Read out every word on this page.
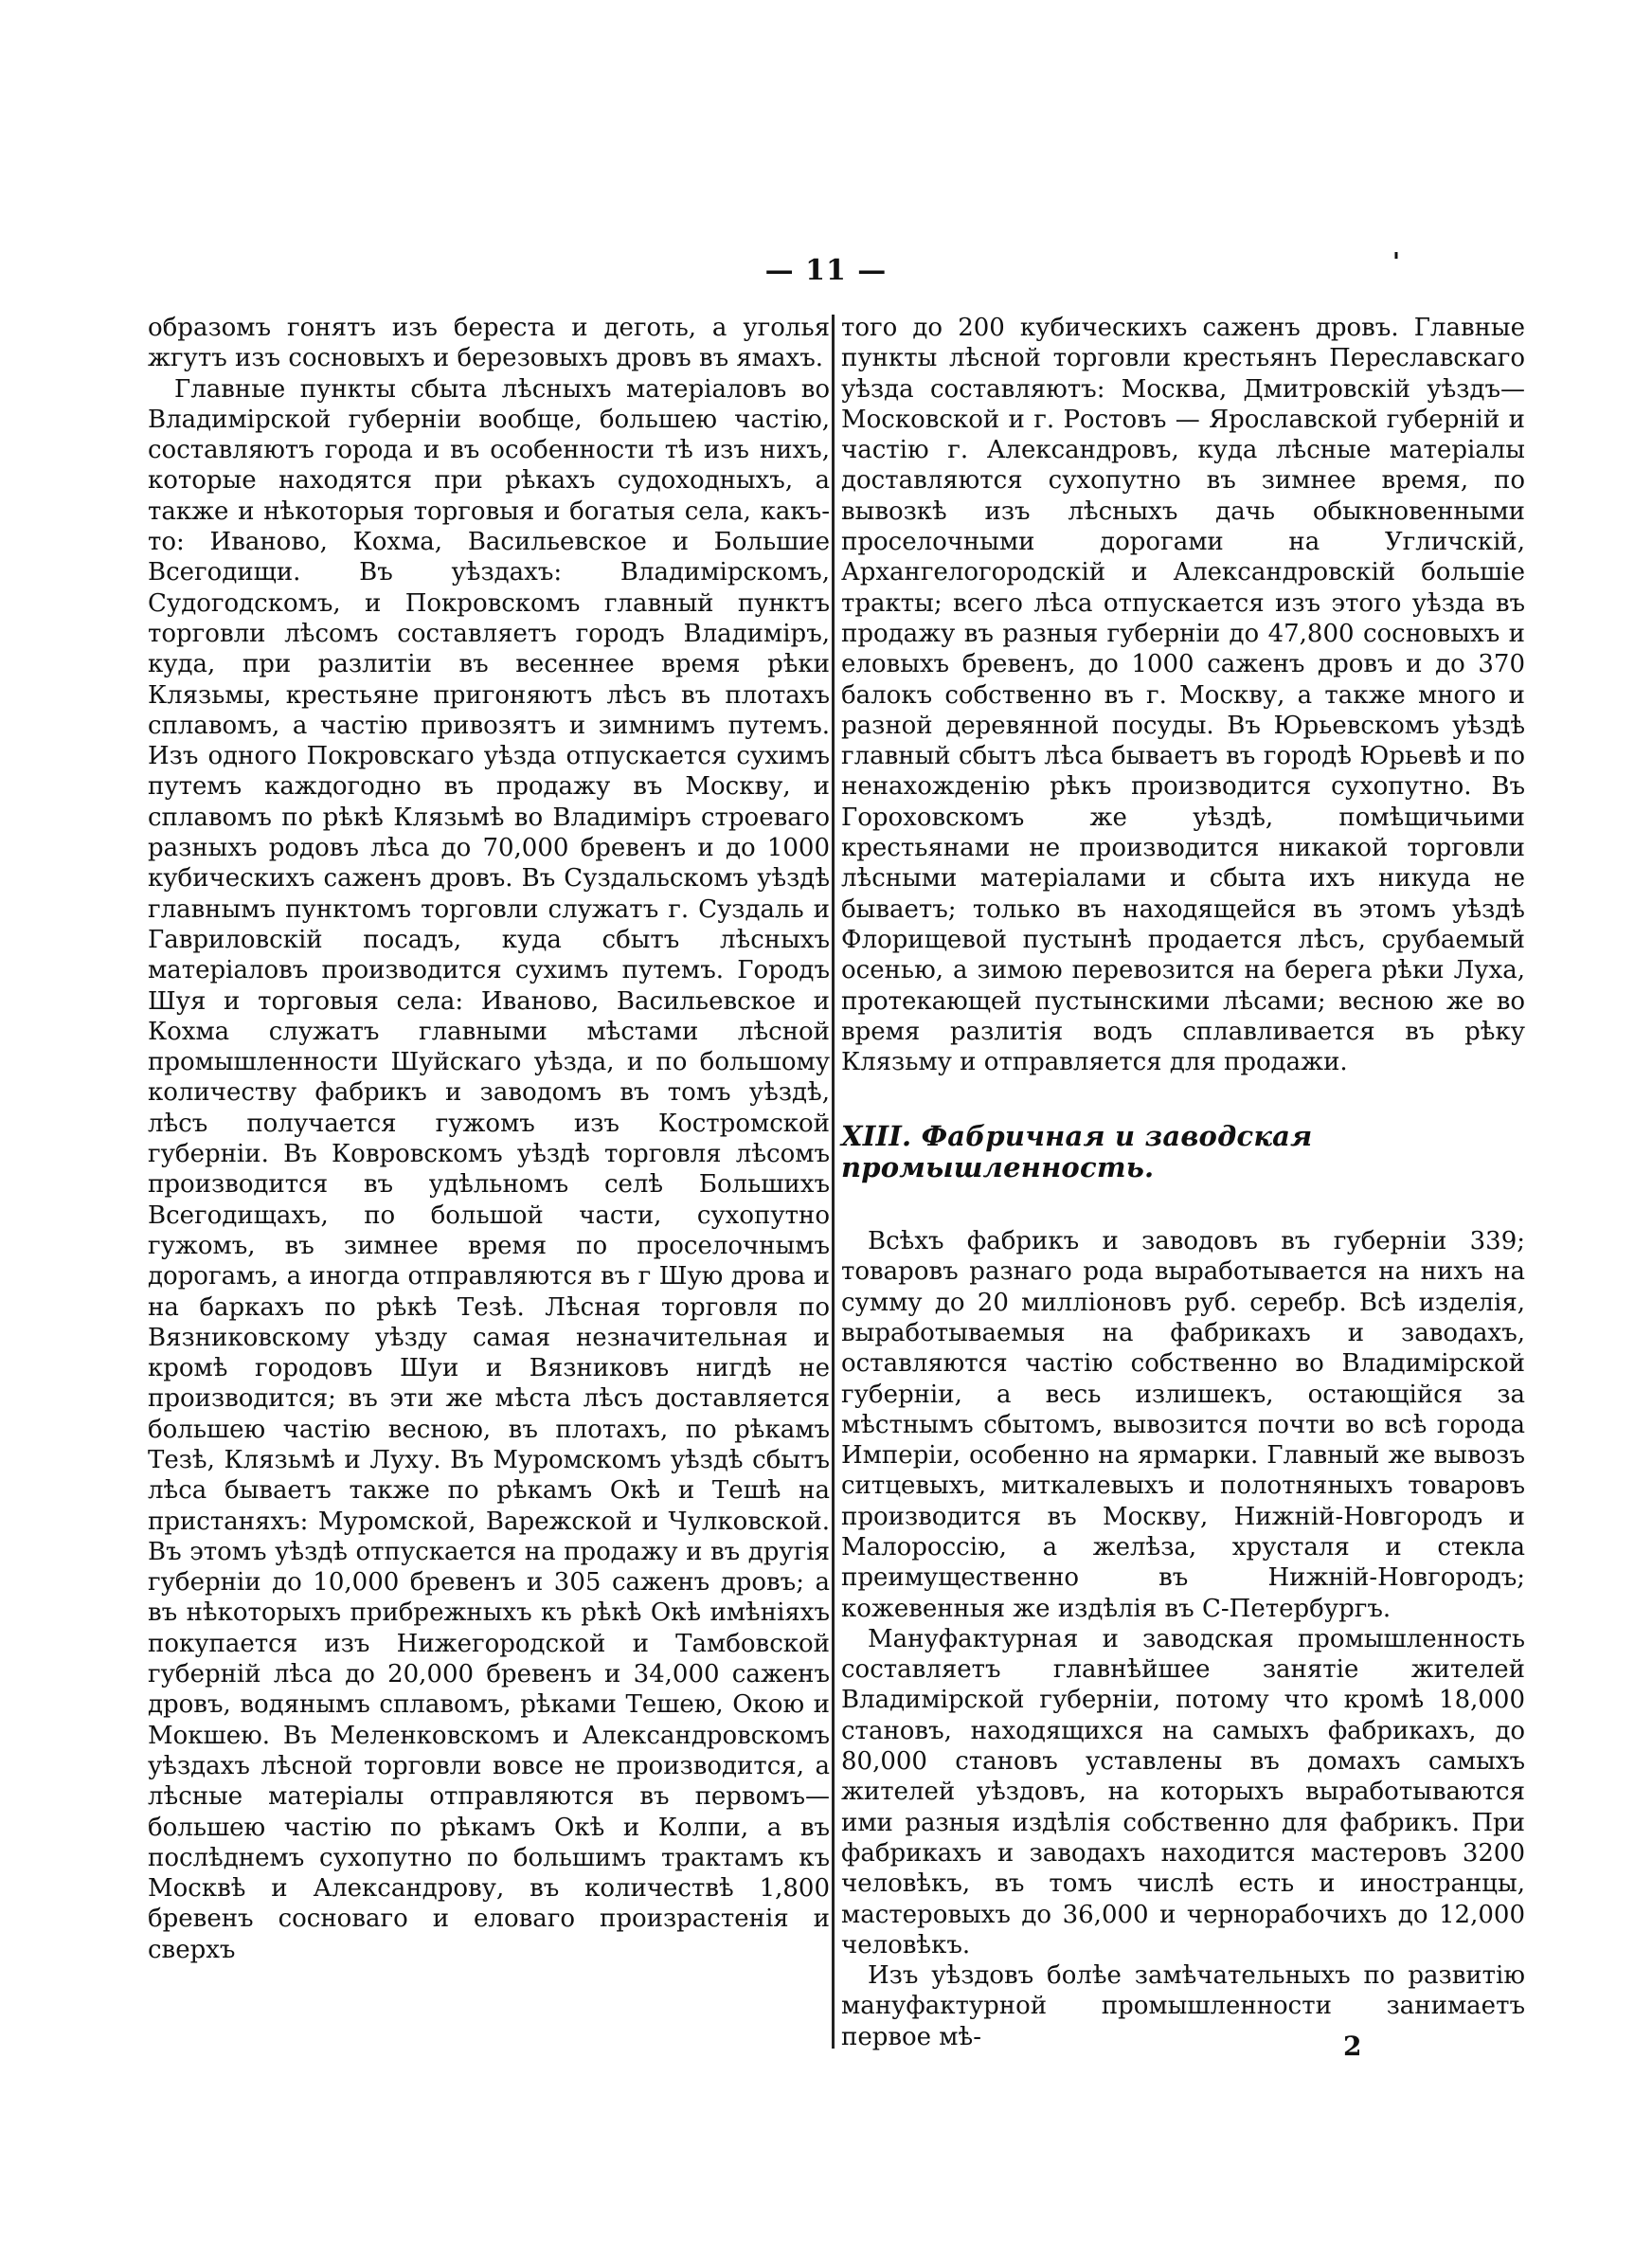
— 11 —	'

образомъ гонятъ изъ береста и деготь, а уголья жгутъ изъ сосновыхъ и березовыхъ дровъ въ ямахъ.

Главные пункты сбыта лѣсныхъ матеріаловъ во Владимірской губерніи вообще, большею частію, составляютъ города и въ особенности тѣ изъ нихъ, которые находятся при рѣкахъ судоходныхъ, а также и нѣкоторыя торговыя и богатыя села, какъ-то: Иваново, Кохма, Васильевское и Большие Всегодищи. Въ уѣздахъ: Владимірскомъ, Судогодскомъ, и Покровскомъ главный пунктъ торговли лѣсомъ составляетъ городъ Владиміръ, куда, при разлитіи въ весеннее время рѣки Клязьмы, крестьяне пригоняютъ лѣсъ въ плотахъ сплавомъ, а частію привозятъ и зимнимъ путемъ. Изъ одного Покровскаго уѣзда отпускается сухимъ путемъ каждогодно въ продажу въ Москву, и сплавомъ по рѣкѣ Клязьмѣ во Владиміръ строеваго разныхъ родовъ лѣса до 70,000 бревенъ и до 1000 кубическихъ саженъ дровъ. Въ Суздальскомъ уѣздѣ главнымъ пунктомъ торговли служатъ г. Суздаль и Гавриловскій посадъ, куда сбытъ лѣсныхъ матеріаловъ производится сухимъ путемъ. Городъ Шуя и торговыя села: Иваново, Васильевское и Кохма служатъ главными мѣстами лѣсной промышленности Шуйскаго уѣзда, и по большому количеству фабрикъ и заводомъ въ томъ уѣздѣ, лѣсъ получается гужомъ изъ Костромской губерніи. Въ Ковровскомъ уѣздѣ торговля лѣсомъ производится въ удѣльномъ селѣ Большихъ Всегодищахъ, по большой части, сухопутно гужомъ, въ зимнее время по проселочнымъ дорогамъ, а иногда отправляются въ г Шую дрова и на баркахъ по рѣкѣ Тезѣ. Лѣсная торговля по Вязниковскому уѣзду самая незначительная и кромѣ городовъ Шуи и Вязниковъ нигдѣ не производится; въ эти же мѣста лѣсъ доставляется большею частію весною, въ плотахъ, по рѣкамъ Тезѣ, Клязьмѣ и Луху. Въ Муромскомъ уѣздѣ сбытъ лѣса бываетъ также по рѣкамъ Окѣ и Тешѣ на пристаняхъ: Муромской, Варежской и Чулковской. Въ этомъ уѣздѣ отпускается на продажу и въ другія губерніи до 10,000 бревенъ и 305 саженъ дровъ; а въ нѣкоторыхъ прибрежныхъ къ рѣкѣ Окѣ имѣніяхъ покупается изъ Нижегородской и Тамбовской губерній лѣса до 20,000 бревенъ и 34,000 саженъ дровъ, водянымъ сплавомъ, рѣками Тешею, Окою и Мокшею. Въ Меленковскомъ и Александровскомъ уѣздахъ лѣсной торговли вовсе не производится, а лѣсные матеріалы отправляются въ первомъ—большею частію по рѣкамъ Окѣ и Колпи, а въ послѣднемъ сухопутно по большимъ трактамъ къ Москвѣ и Александрову, въ количествѣ 1,800 бревенъ сосноваго и еловаго произрастенія и сверхъ

того до 200 кубическихъ саженъ дровъ. Главные пункты лѣсной торговли крестьянъ Переславскаго уѣзда составляютъ: Москва, Дмитровскій уѣздъ—Московской и г. Ростовъ — Ярославской губерній и частію г. Александровъ, куда лѣсные матеріалы доставляются сухопутно въ зимнее время, по вывозкѣ изъ лѣсныхъ дачь обыкновенными проселочными дорогами на Угличскій, Архангелогородскій и Александровскій большіе тракты; всего лѣса отпускается изъ этого уѣзда въ продажу въ разныя губерніи до 47,800 сосновыхъ и еловыхъ бревенъ, до 1000 саженъ дровъ и до 370 балокъ собственно въ г. Москву, а также много и разной деревянной посуды. Въ Юрьевскомъ уѣздѣ главный сбытъ лѣса бываетъ въ городѣ Юрьевѣ и по ненахожденію рѣкъ производится сухопутно. Въ Гороховскомъ же уѣздѣ, помѣщичьими крестьянами не производится никакой торговли лѣсными матеріалами и сбыта ихъ никуда не бываетъ; только въ находящейся въ этомъ уѣздѣ Флорищевой пустынѣ продается лѣсъ, срубаемый осенью, а зимою перевозится на берега рѣки Луха, протекающей пустынскими лѣсами; весною же во время разлитія водъ сплавливается въ рѣку Клязьму и отправляется для продажи.

XIII. Фабричная и заводская промышленность.

Всѣхъ фабрикъ и заводовъ въ губерніи 339; товаровъ разнаго рода выработывается на нихъ на сумму до 20 милліоновъ руб. серебр. Всѣ изделія, выработываемыя на фабрикахъ и заводахъ, оставляются частію собственно во Владимірской губерніи, а весь излишекъ, остающійся за мѣстнымъ сбытомъ, вывозится почти во всѣ города Имперіи, особенно на ярмарки. Главный же вывозъ ситцевыхъ, миткалевыхъ и полотняныхъ товаровъ производится въ Москву, Нижній-Новгородъ и Малороссію, а желѣза, хрусталя и стекла преимущественно въ Нижній-Новгородъ; кожевенныя же издѣлія въ С-Петербургъ.

Мануфактурная и заводская промышленность составляетъ главнѣйшее занятіе жителей Владимірской губерніи, потому что кромѣ 18,000 становъ, находящихся на самыхъ фабрикахъ, до 80,000 становъ уставлены въ домахъ самыхъ жителей уѣздовъ, на которыхъ выработываются ими разныя издѣлія собственно для фабрикъ. При фабрикахъ и заводахъ находится мастеровъ 3200 человѣкъ, въ томъ числѣ есть и иностранцы, мастеровыхъ до 36,000 и чернорабочихъ до 12,000 человѣкъ.

Изъ уѣздовъ болѣе замѣчательныхъ по развитію мануфактурной промышленности занимаетъ первое мѣ-	2
